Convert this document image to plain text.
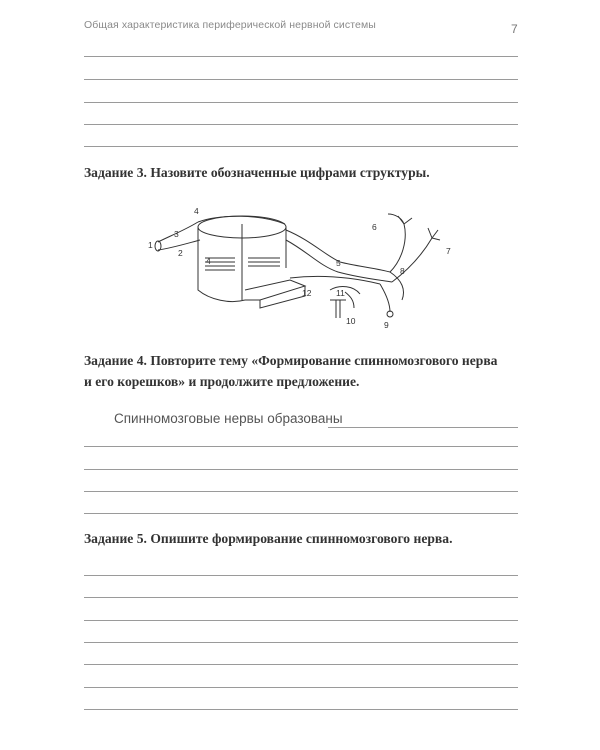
Общая характеристика периферической нервной системы	7
Задание 3. Назовите обозначенные цифрами структуры.
1
2
3
4
4	5
6
7
8
9
10
11
12
Задание 4. Повторите тему «Формирование спинномозгового нерва
и его корешков» и продолжите предложение.
Спинномозговые нервы образованы
Задание 5. Опишите формирование спинномозгового нерва.
